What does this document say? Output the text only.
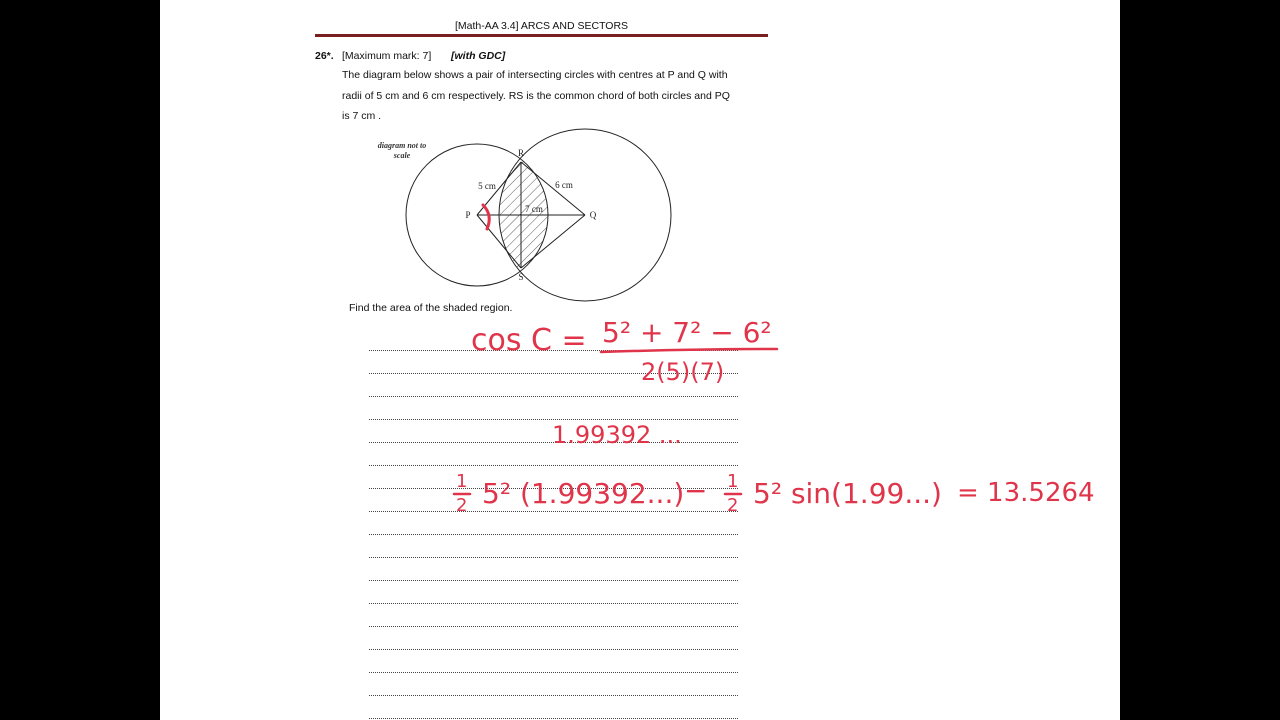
[Math-AA 3.4] ARCS AND SECTORS
26*. [Maximum mark: 7] [with GDC]
The diagram below shows a pair of intersecting circles with centres at P and Q with
radii of 5 cm and 6 cm respectively. RS is the common chord of both circles and PQ
is 7 cm .
Find the area of the shaded region.
diagram not to
scale	R
S
P	Q
5 cm	6 cm
7 cm
cos C = 5² + 7² − 6²
2(5)(7)
1.99392 ...
1
2 5² (1.99392...) − 1
2 5² sin(1.99...) = 13.5264
